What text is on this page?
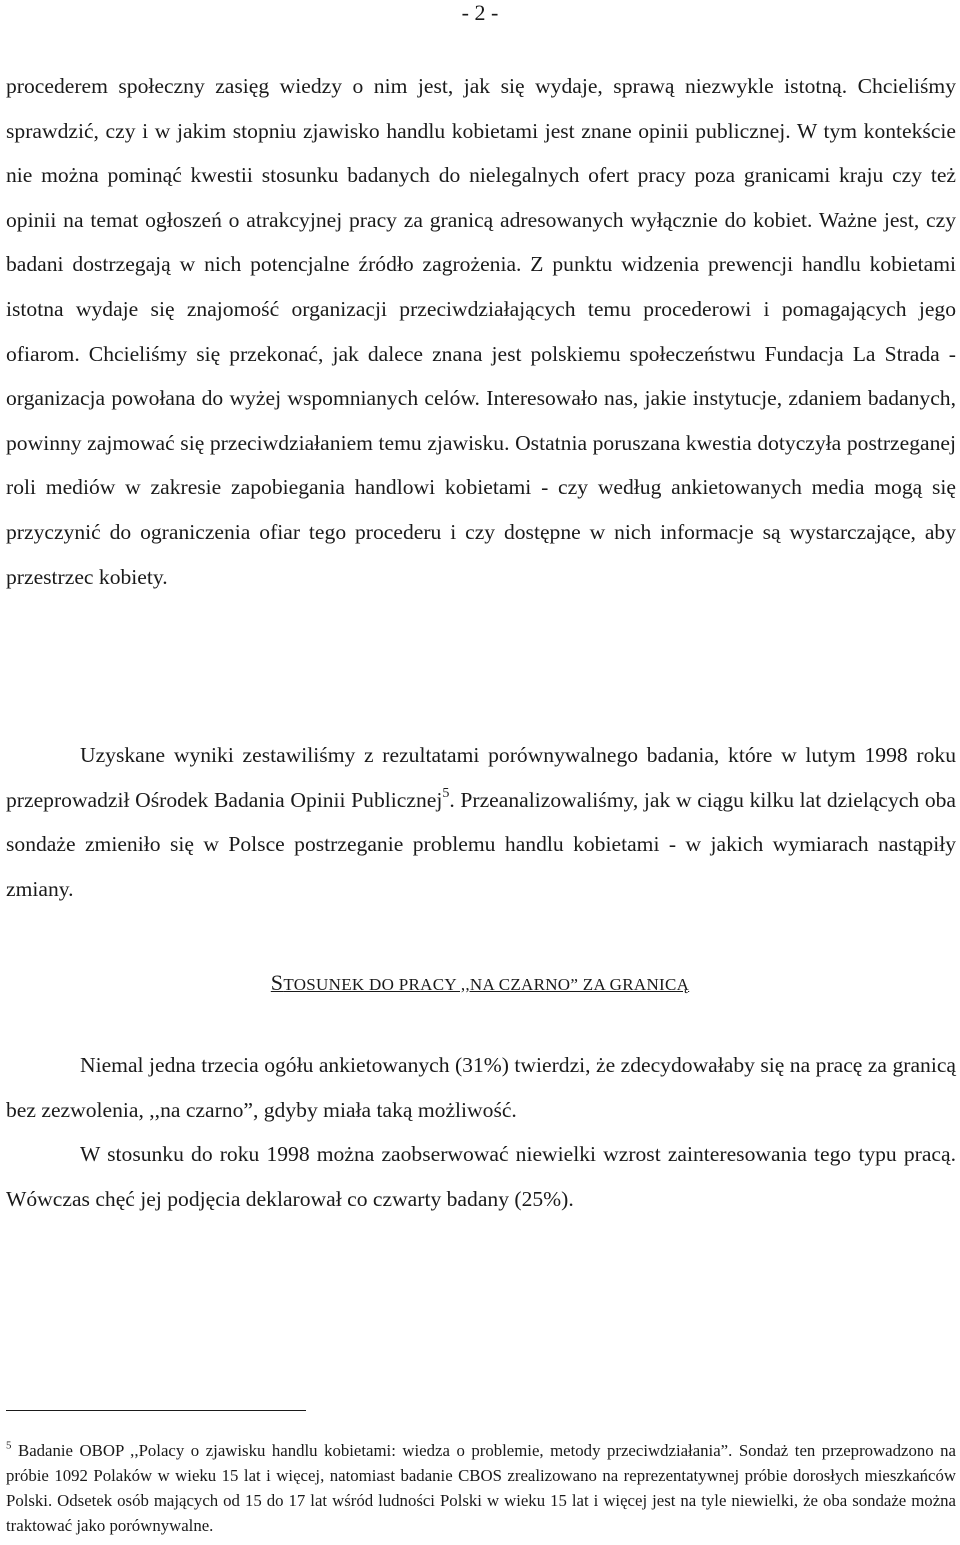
- 2 -

procederem społeczny zasięg wiedzy o nim jest, jak się wydaje, sprawą niezwykle istotną. Chcieliśmy sprawdzić, czy i w jakim stopniu zjawisko handlu kobietami jest znane opinii publicznej. W tym kontekście nie można pominąć kwestii stosunku badanych do nielegalnych ofert pracy poza granicami kraju czy też opinii na temat ogłoszeń o atrakcyjnej pracy za granicą adresowanych wyłącznie do kobiet. Ważne jest, czy badani dostrzegają w nich potencjalne źródło zagrożenia. Z punktu widzenia prewencji handlu kobietami istotna wydaje się znajomość organizacji przeciwdziałających temu procederowi i pomagających jego ofiarom. Chcieliśmy się przekonać, jak dalece znana jest polskiemu społeczeństwu Fundacja La Strada - organizacja powołana do wyżej wspomnianych celów. Interesowało nas, jakie instytucje, zdaniem badanych, powinny zajmować się przeciwdziałaniem temu zjawisku. Ostatnia poruszana kwestia dotyczyła postrzeganej roli mediów w zakresie zapobiegania handlowi kobietami - czy według ankietowanych media mogą się przyczynić do ograniczenia ofiar tego procederu i czy dostępne w nich informacje są wystarczające, aby przestrzec kobiety.

Uzyskane wyniki zestawiliśmy z rezultatami porównywalnego badania, które w lutym 1998 roku przeprowadził Ośrodek Badania Opinii Publicznej$^5$. Przeanalizowaliśmy, jak w ciągu kilku lat dzielących oba sondaże zmieniło się w Polsce postrzeganie problemu handlu kobietami - w jakich wymiarach nastąpiły zmiany.

STOSUNEK DO PRACY ,,NA CZARNO” ZA GRANICĄ

Niemal jedna trzecia ogółu ankietowanych (31%) twierdzi, że zdecydowałaby się na pracę za granicą bez zezwolenia, ,,na czarno”, gdyby miała taką możliwość.

W stosunku do roku 1998 można zaobserwować niewielki wzrost zainteresowania tego typu pracą. Wówczas chęć jej podjęcia deklarował co czwarty badany (25%).

$^5$ Badanie OBOP ,,Polacy o zjawisku handlu kobietami: wiedza o problemie, metody przeciwdziałania”. Sondaż ten przeprowadzono na próbie 1092 Polaków w wieku 15 lat i więcej, natomiast badanie CBOS zrealizowano na reprezentatywnej próbie dorosłych mieszkańców Polski. Odsetek osób mających od 15 do 17 lat wśród ludności Polski w wieku 15 lat i więcej jest na tyle niewielki, że oba sondaże można traktować jako porównywalne.
